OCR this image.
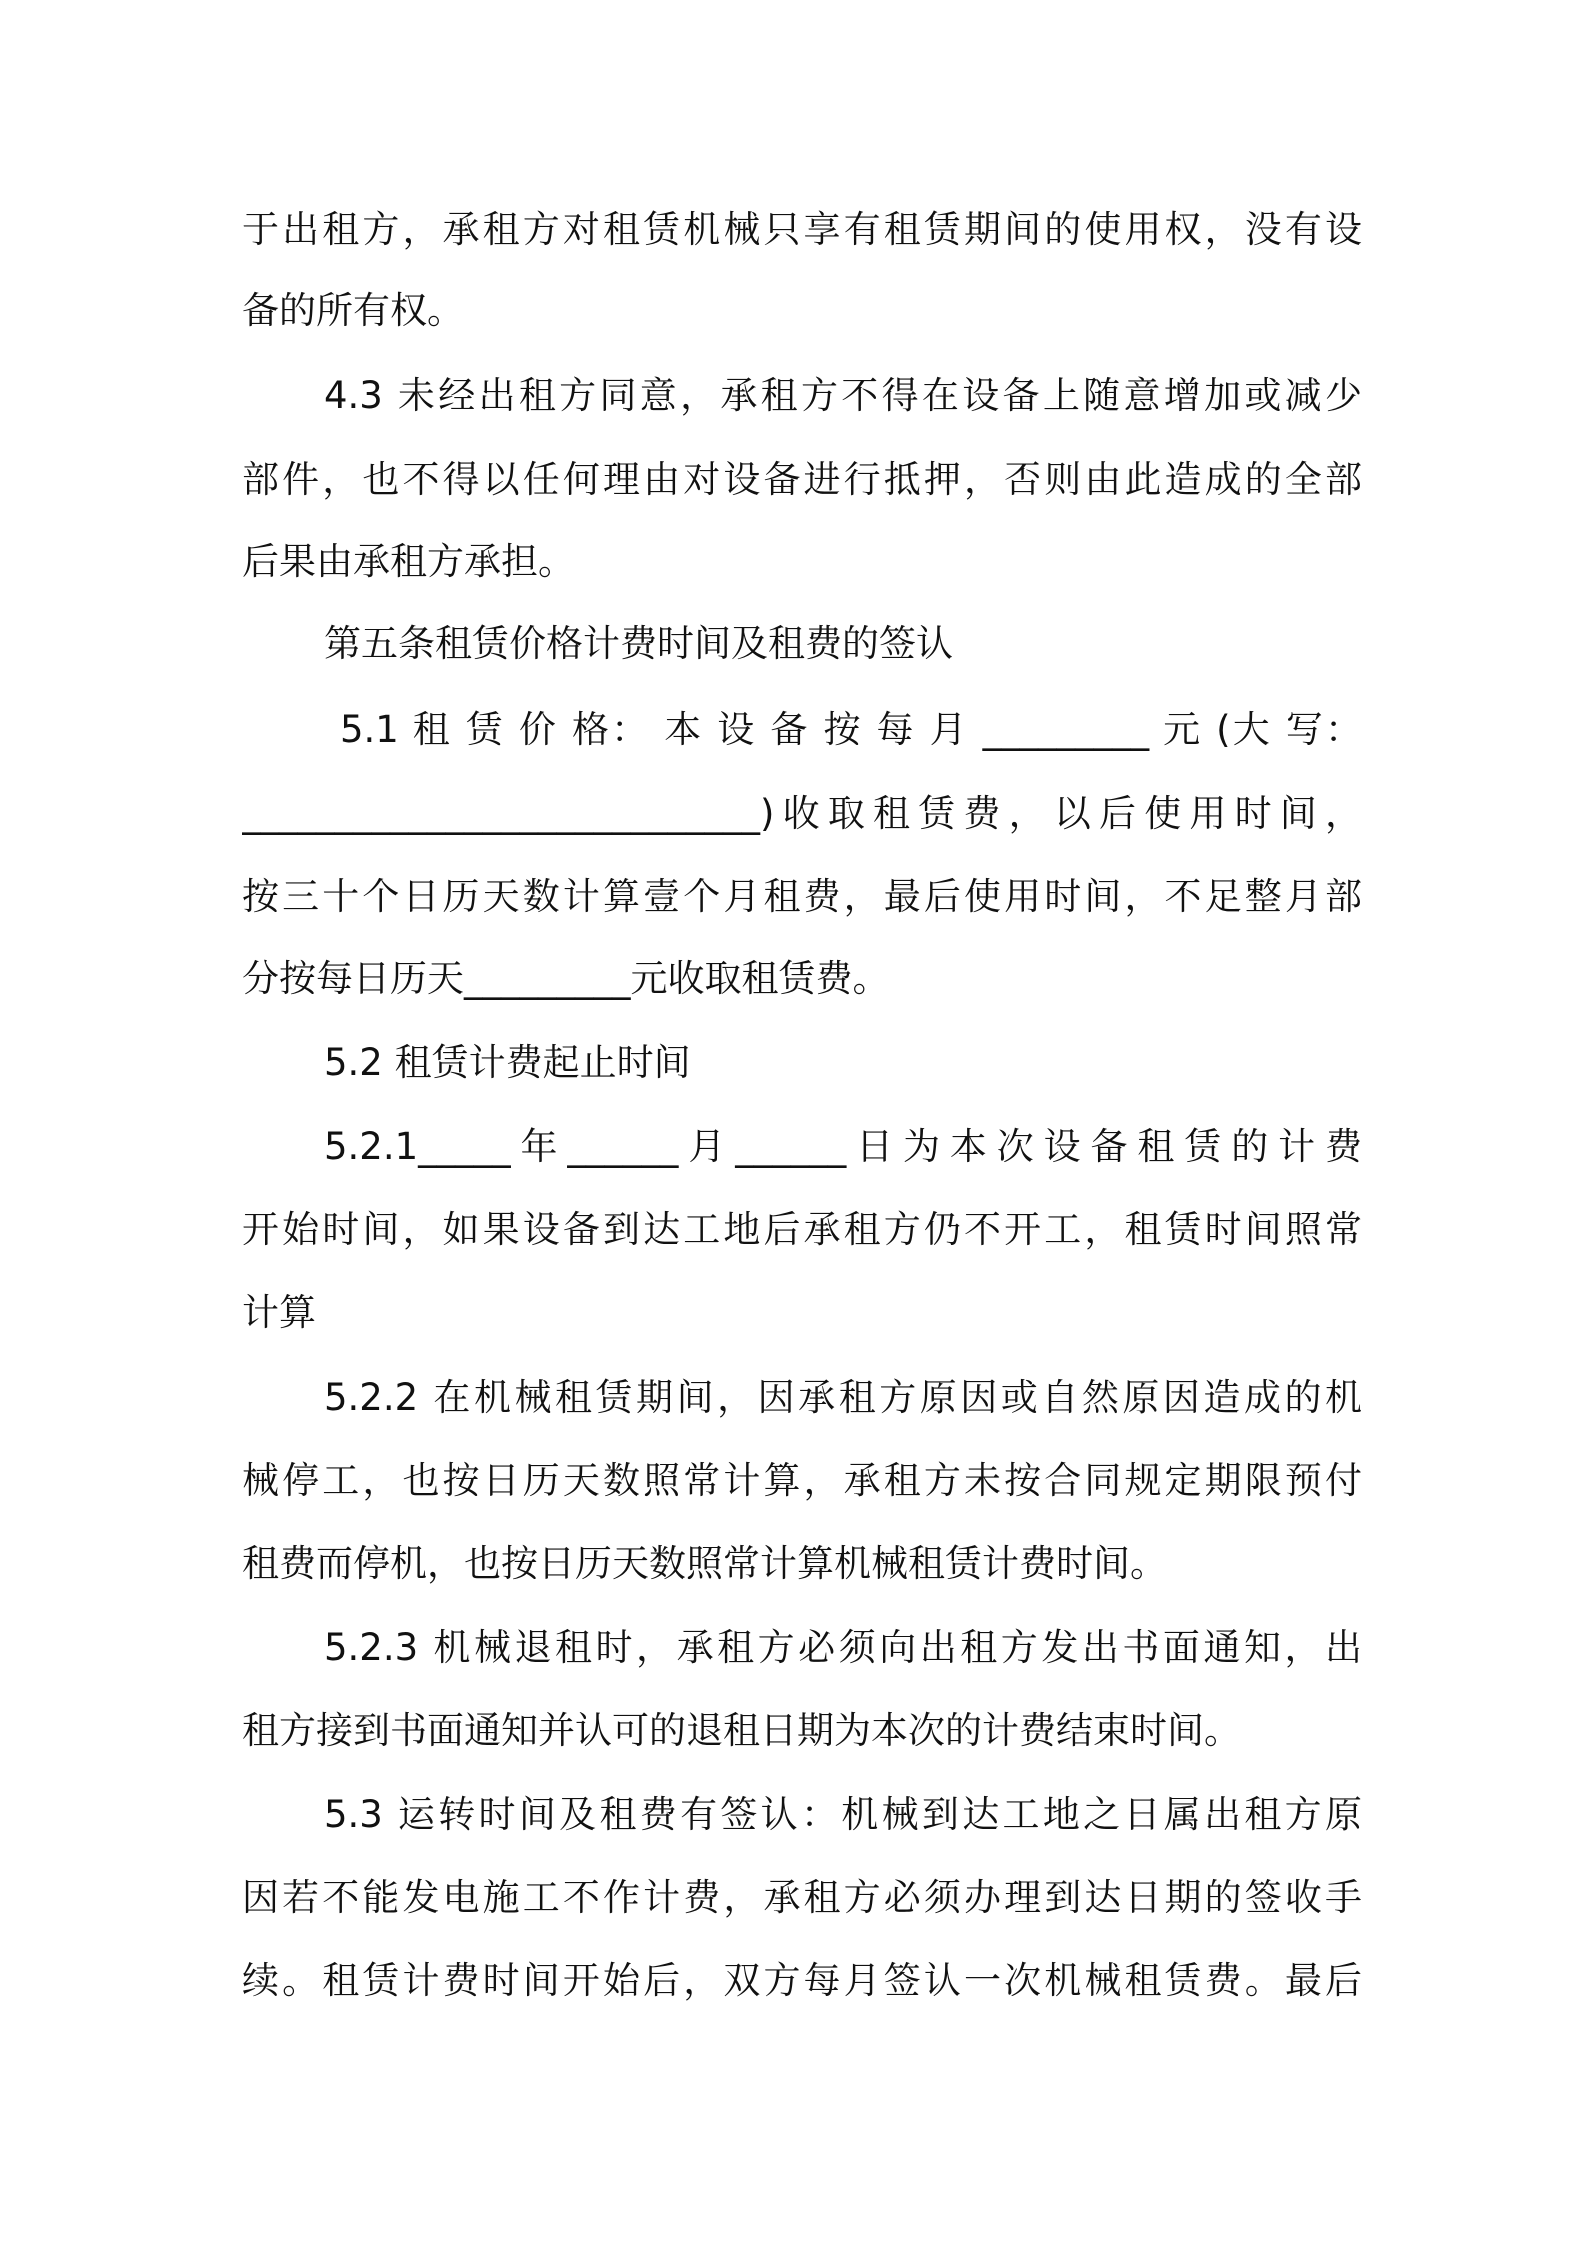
于出租方，承租方对租赁机械只享有租赁期间的使用权，没有设
备的所有权。
4.3 未经出租方同意，承租方不得在设备上随意增加或减少
部件，也不得以任何理由对设备进行抵押，否则由此造成的全部
后果由承租方承担。
第五条租赁价格计费时间及租费的签认
5.1 租 赁 价 格： 本 设 备 按 每 月 _________ 元 (大 写：
____________________________)收取租赁费，以后使用时间，
按三十个日历天数计算壹个月租费，最后使用时间，不足整月部
分按每日历天_________元收取租赁费。
5.2 租赁计费起止时间
5.2.1_____年______月______日为本次设备租赁的计费
开始时间，如果设备到达工地后承租方仍不开工，租赁时间照常
计算
5.2.2 在机械租赁期间，因承租方原因或自然原因造成的机
械停工，也按日历天数照常计算，承租方未按合同规定期限预付
租费而停机，也按日历天数照常计算机械租赁计费时间。
5.2.3 机械退租时，承租方必须向出租方发出书面通知，出
租方接到书面通知并认可的退租日期为本次的计费结束时间。
5.3 运转时间及租费有签认：机械到达工地之日属出租方原
因若不能发电施工不作计费，承租方必须办理到达日期的签收手
续。租赁计费时间开始后，双方每月签认一次机械租赁费。最后
